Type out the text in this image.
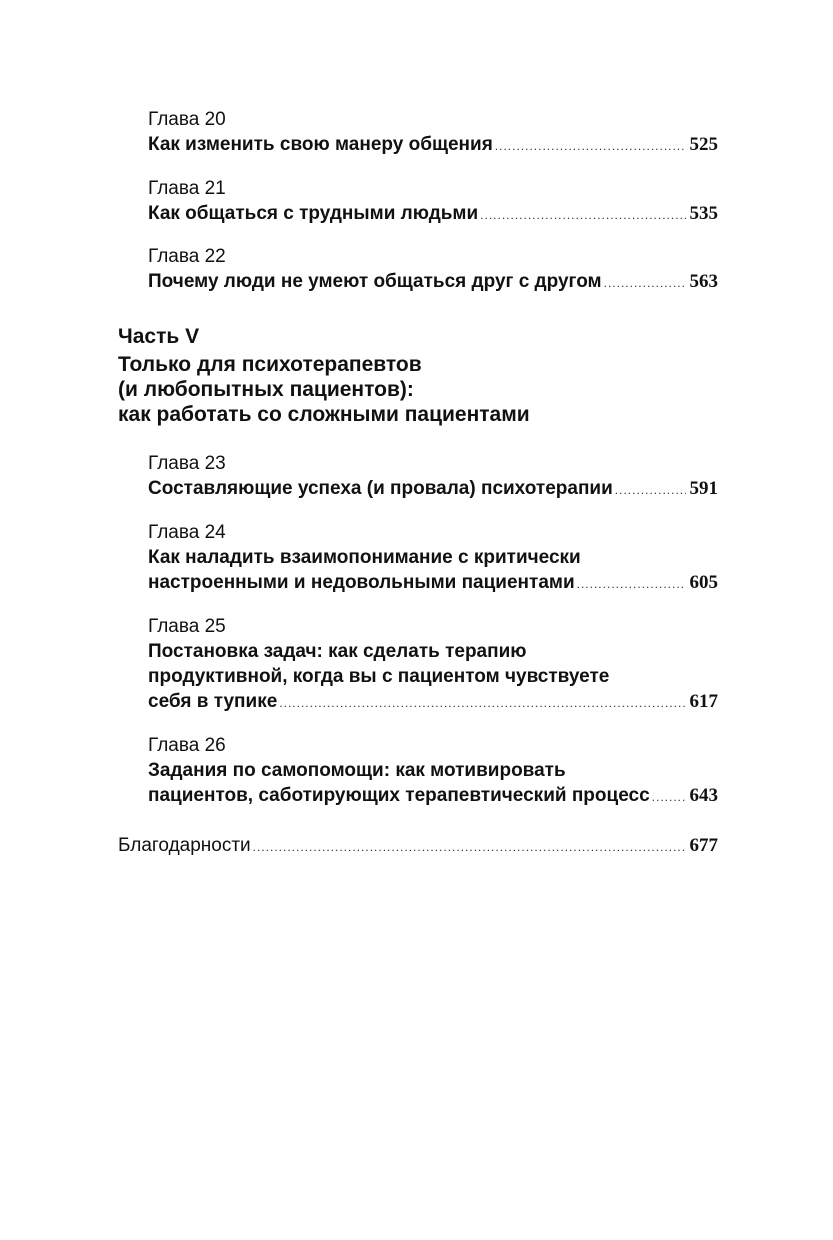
Глава 20
Как изменить свою манеру общения .....	525
Глава 21
Как общаться с трудными людьми .....	535
Глава 22
Почему люди не умеют общаться друг с другом .....	563
Часть V
Только для психотерапевтов
(и любопытных пациентов):
как работать со сложными пациентами
Глава 23
Составляющие успеха (и провала) психотерапии .....	591
Глава 24
Как наладить взаимопонимание с критически
настроенными и недовольными пациентами .....	605
Глава 25
Постановка задач: как сделать терапию
продуктивной, когда вы с пациентом чувствуете
себя в тупике .....	617
Глава 26
Задания по самопомощи: как мотивировать
пациентов, саботирующих терапевтический процесс ..... 643
Благодарности .....	677
